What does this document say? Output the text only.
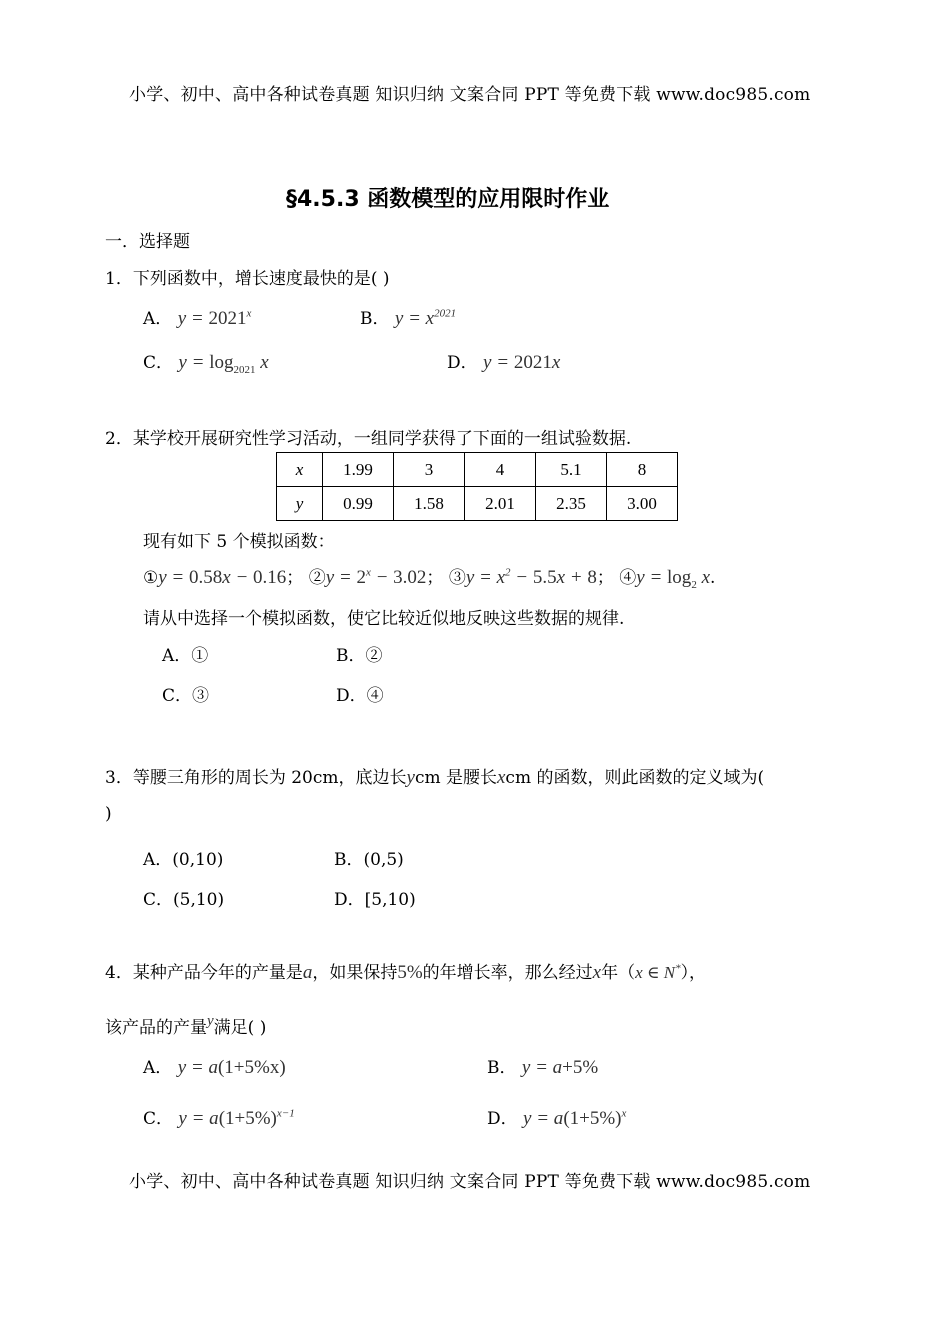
小学、初中、高中各种试卷真题 知识归纳 文案合同 PPT 等免费下载 www.doc985.com
§4.5.3 函数模型的应用限时作业
一．选择题
1．下列函数中，增长速度最快的是( )
A． $y = 2021^x$	B． $y = x^{2021}$
C． $y = \log_{2021} x$	D． y = 2021x
2．某学校开展研究性学习活动，一组同学获得了下面的一组试验数据.
x	1.99	3	4	5.1	8
y	0.99	1.58	2.01	2.35	3.00
现有如下 5 个模拟函数：
①y = 0.58x − 0.16； ②y = $2^x - 3.02$； ③y = $x^2 - 5.5x + 8$； ④y = $\log_2 x$.
请从中选择一个模拟函数，使它比较近似地反映这些数据的规律.
A．①	B．②
C．③	D．④
3．等腰三角形的周长为 20cm，底边长ycm 是腰长xcm 的函数，则此函数的定义域为(
)
A．(0,10)	B．(0,5)
C．(5,10)	D．[5,10)
4．某种产品今年的产量是a，如果保持5%的年增长率，那么经过x年（x ∈ N*），
该产品的产量y满足( )
A． y = a(1+5%x)	B． y = a+5%
C． $y = a(1+5\%)^{x-1}$	D． $y = a(1+5\%)^x$
小学、初中、高中各种试卷真题 知识归纳 文案合同 PPT 等免费下载 www.doc985.com
